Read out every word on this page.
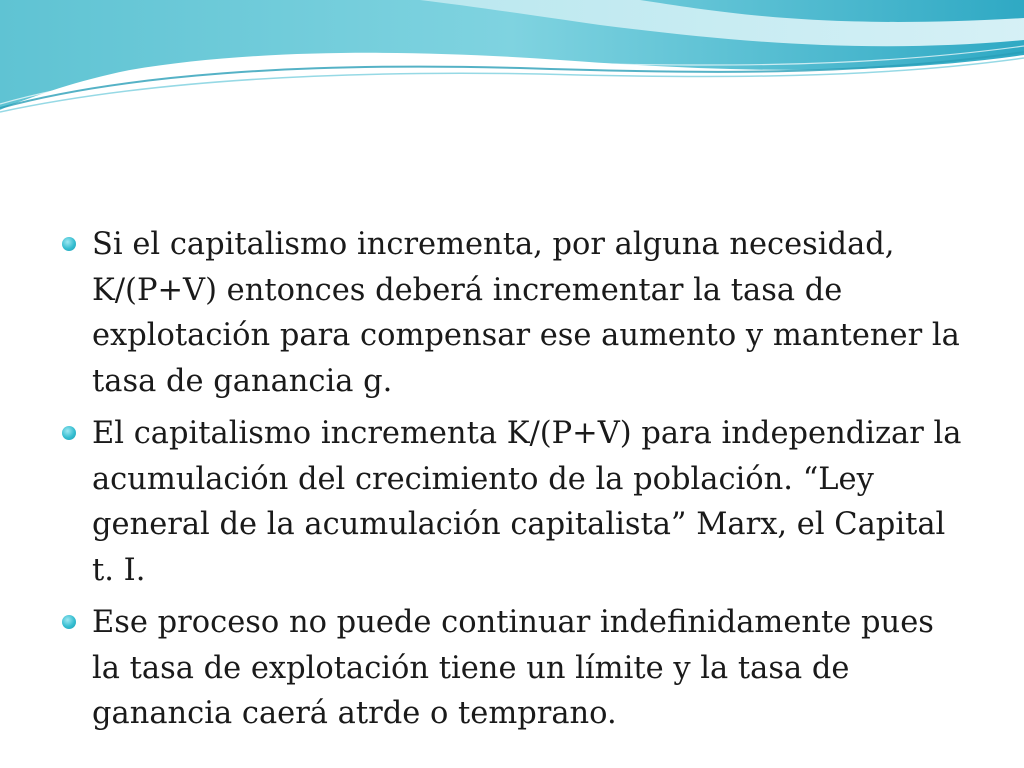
Si el capitalismo incrementa, por alguna necesidad, K/(P+V) entonces deberá incrementar la tasa de explotación para compensar ese aumento y mantener la tasa de ganancia g.
El capitalismo incrementa K/(P+V) para independizar la acumulación del crecimiento de la población. “Ley general de la acumulación capitalista” Marx, el Capital t. I.
Ese proceso no puede continuar indefinidamente pues la tasa de explotación tiene un límite y la tasa de ganancia caerá atrde o temprano.
